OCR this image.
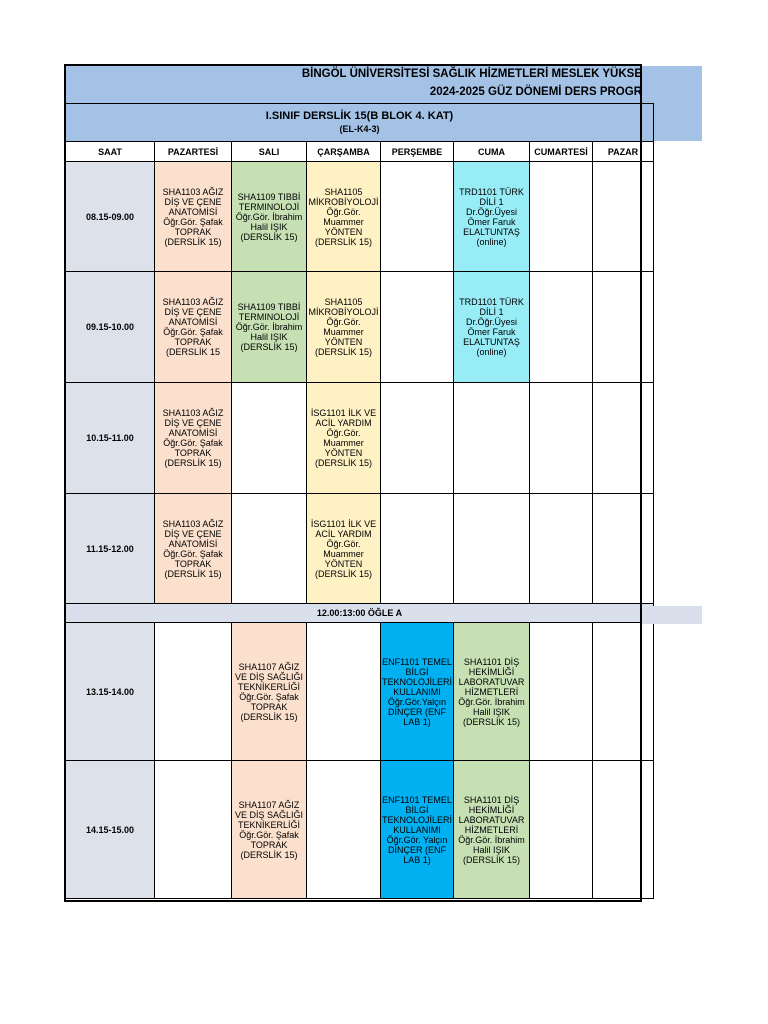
BİNGÖL ÜNİVERSİTESİ SAĞLIK HİZMETLERİ MESLEK YÜKSE
2024-2025 GÜZ DÖNEMİ DERS PROGR
I.SINIF DERSLİK 15(B BLOK 4. KAT)
(EL-K4-3)							

SAAT	PAZARTESİ	SALI	ÇARŞAMBA	PERŞEMBE	CUMA	CUMARTESİ	PAZAR
08.15-09.00	SHA1103 AĞIZ DİŞ VE ÇENE ANATOMİSİ Öğr.Gör. Şafak TOPRAK (DERSLİK 15)	SHA1109 TIBBİ TERMINOLOJİ Öğr.Gör. İbrahim Halil IŞIK (DERSLİK 15)	SHA1105 MİKROBİYOLOJİ Öğr.Gör. Muammer YÖNTEN (DERSLİK 15)		TRD1101 TÜRK DİLİ 1 Dr.Öğr.Üyesi Ömer Faruk ELALTUNTAŞ (online)		
09.15-10.00	SHA1103 AĞIZ DİŞ VE ÇENE ANATOMİSİ Öğr.Gör. Şafak TOPRAK (DERSLİK 15	SHA1109 TIBBİ TERMINOLOJİ Öğr.Gör. İbrahim Halil IŞIK (DERSLİK 15)	SHA1105 MİKROBİYOLOJİ Öğr.Gör. Muammer YÖNTEN (DERSLİK 15)		TRD1101 TÜRK DİLİ 1 Dr.Öğr.Üyesi Ömer Faruk ELALTUNTAŞ (online)		
10.15-11.00	SHA1103 AĞIZ DİŞ VE ÇENE ANATOMİSİ Öğr.Gör. Şafak TOPRAK (DERSLİK 15)		İSG1101 İLK VE ACİL YARDIM Öğr.Gör. Muammer YÖNTEN (DERSLİK 15)				
11.15-12.00	SHA1103 AĞIZ DİŞ VE ÇENE ANATOMİSİ Öğr.Gör. Şafak TOPRAK (DERSLİK 15)		İSG1101 İLK VE ACİL YARDIM Öğr.Gör. Muammer YÖNTEN (DERSLİK 15)				
12.00:13:00 ÖĞLE A							
13.15-14.00		SHA1107 AĞIZ VE DİŞ SAĞLIĞI TEKNİKERLİĞİ Öğr.Gör. Şafak TOPRAK (DERSLİK 15)		ENF1101 TEMEL BİLGİ TEKNOLOJİLERİ KULLANIMI Öğr.Gör.Yalçın DİNÇER (ENF LAB 1)	SHA1101 DİŞ HEKİMLİĞİ LABORATUVAR HİZMETLERİ Öğr.Gör. İbrahim Halil IŞIK (DERSLİK 15)		
14.15-15.00		SHA1107 AĞIZ VE DİŞ SAĞLIĞI TEKNİKERLİĞİ Öğr.Gör. Şafak TOPRAK (DERSLİK 15)		ENF1101 TEMEL BİLGİ TEKNOLOJİLERİ KULLANIMI Öğr.Gör. Yalçın DİNÇER (ENF LAB 1)	SHA1101 DİŞ HEKİMLİĞİ LABORATUVAR HİZMETLERİ Öğr.Gör. İbrahim Halil IŞIK (DERSLİK 15)		
